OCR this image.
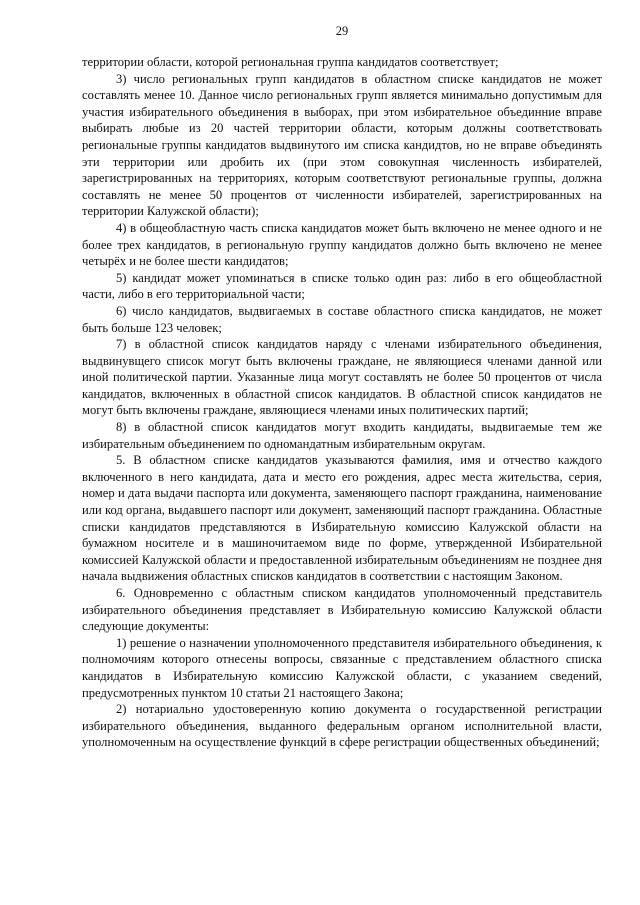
29

территории области, которой региональная группа кандидатов соответствует;

3) число региональных групп кандидатов в областном списке кандидатов не может составлять менее 10. Данное число региональных групп является минимально допустимым для участия избирательного объединения в выборах, при этом избирательное объединние вправе выбирать любые из 20 частей территории области, которым должны соответствовать региональные группы кандидатов выдвинутого им списка кандидтов, но не вправе объединять эти территории или дробить их (при этом совокупная численность избирателей, зарегистрированных на территориях, которым соответствуют региональные группы, должна составлять не менее 50 процентов от численности избирателей, зарегистрированных на территории Калужской области);

4) в общеобластную часть списка кандидатов может быть включено не менее одного и не более трех кандидатов, в региональную группу кандидатов должно быть включено не менее четырёх и не более шести кандидатов;

5) кандидат может упоминаться в списке только один раз: либо в его общеобластной части, либо в его территориальной части;

6) число кандидатов, выдвигаемых в составе областного списка кандидатов, не может быть больше 123 человек;

7) в областной список кандидатов наряду с членами избирательного объединения, выдвинувщего список могут быть включены граждане, не являющиеся членами данной или иной политической партии. Указанные лица могут составлять не более 50 процентов от числа кандидатов, включенных в областной список кандидатов. В областной список кандидатов не могут быть включены граждане, являющиеся членами иных политических партий;

8) в областной список кандидатов могут входить кандидаты, выдвигаемые тем же избирательным объединением по одномандатным избирательным округам.

5. В областном списке кандидатов указываются фамилия, имя и отчество каждого включенного в него кандидата, дата и место его рождения, адрес места жительства, серия, номер и дата выдачи паспорта или документа, заменяющего паспорт гражданина, наименование или код органа, выдавшего паспорт или документ, заменяющий паспорт гражданина. Областные списки кандидатов представляются в Избирательную комиссию Калужской области на бумажном носителе и в машиночитаемом виде по форме, утвержденной Избирательной комиссией Калужской области и предоставленной избирательным объединениям не позднее дня начала выдвижения областных списков кандидатов в соответствии с настоящим Законом.

6. Одновременно с областным списком кандидатов уполномоченный представитель избирательного объединения представляет в Избирательную комиссию Калужской области следующие документы:

1) решение о назначении уполномоченного представителя избирательного объединения, к полномочиям которого отнесены вопросы, связанные с представлением областного списка кандидатов в Избирательную комиссию Калужской области, с указанием сведений, предусмотренных пунктом 10 статьи 21 настоящего Закона;

2) нотариально удостоверенную копию документа о государственной регистрации избирательного объединения, выданного федеральным органом исполнительной власти, уполномоченным на осуществление функций в сфере регистрации общественных объединений;
